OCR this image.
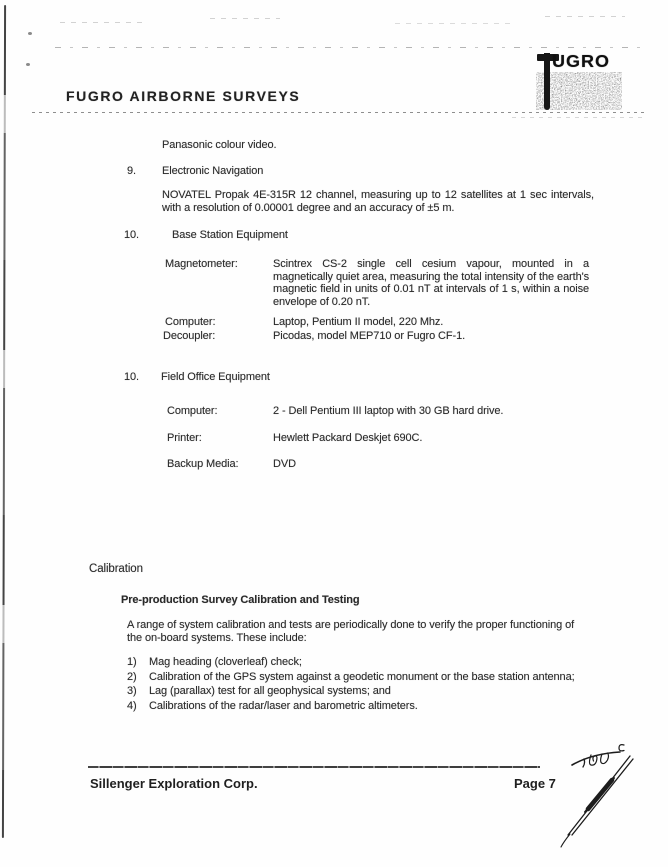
FUGRO AIRBORNE SURVEYS
UGRO
Panasonic colour video.
9. Electronic Navigation
NOVATEL Propak 4E-315R 12 channel, measuring up to 12 satellites at 1 sec intervals, with a resolution of 0.00001 degree and an accuracy of ±5 m.
10.	Base Station Equipment
Magnetometer:	Scintrex CS-2 single cell cesium vapour, mounted in a magnetically quiet area, measuring the total intensity of the earth's magnetic field in units of 0.01 nT at intervals of 1 s, within a noise envelope of 0.20 nT.
Computer:	Laptop, Pentium II model, 220 Mhz.
Decoupler:	Picodas, model MEP710 or Fugro CF-1.
10. Field Office Equipment
Computer:	2 - Dell Pentium III laptop with 30 GB hard drive.
Printer:	Hewlett Packard Deskjet 690C.
Backup Media:	DVD
Calibration
Pre-production Survey Calibration and Testing
A range of system calibration and tests are periodically done to verify the proper functioning of the on-board systems. These include:
1)	Mag heading (cloverleaf) check;
2)	Calibration of the GPS system against a geodetic monument or the base station antenna;
3)	Lag (parallax) test for all geophysical systems; and
4)	Calibrations of the radar/laser and barometric altimeters.
Sillenger Exploration Corp.	Page 7
